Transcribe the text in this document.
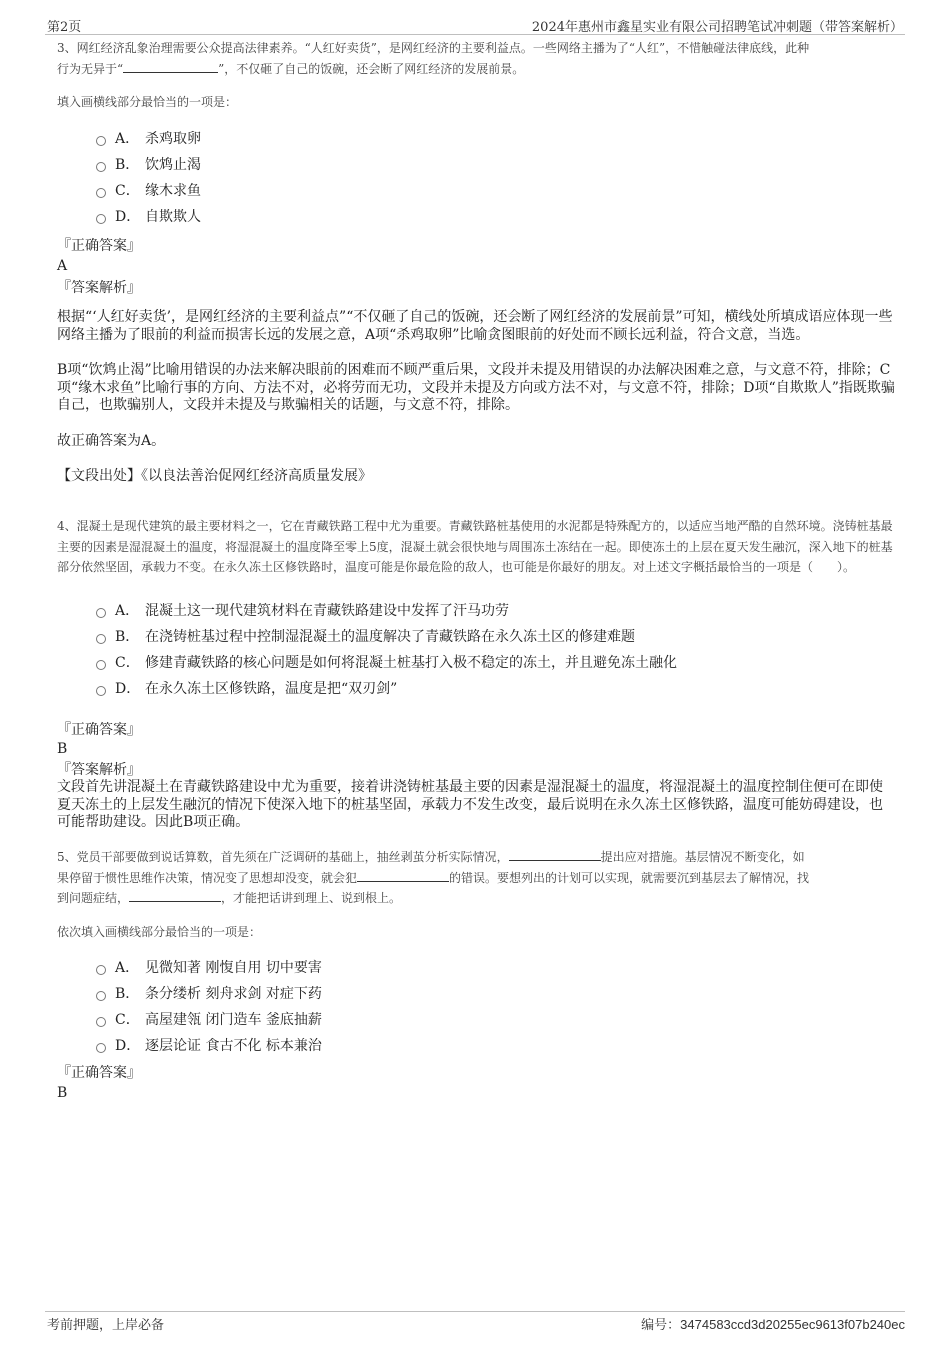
第2页	2024年惠州市鑫星实业有限公司招聘笔试冲刺题（带答案解析）

3、网红经济乱象治理需要公众提高法律素养。“人红好卖货”，是网红经济的主要利益点。一些网络主播为了“人红”，不惜触碰法律底线，此种
行为无异于“	”，不仅砸了自己的饭碗，还会断了网红经济的发展前景。

填入画横线部分最恰当的一项是：

A． 杀鸡取卵
B． 饮鸩止渴
C． 缘木求鱼
D． 自欺欺人

『正确答案』

A

『答案解析』

根据“‘人红好卖货’，是网红经济的主要利益点”“不仅砸了自己的饭碗，还会断了网红经济的发展前景”可知，横线处所填成语应体现一些网络主播为了眼前的利益而损害长远的发展之意，A项“杀鸡取卵”比喻贪图眼前的好处而不顾长远利益，符合文意，当选。

B项“饮鸩止渴”比喻用错误的办法来解决眼前的困难而不顾严重后果，文段并未提及用错误的办法解决困难之意，与文意不符，排除；C项“缘木求鱼”比喻行事的方向、方法不对，必将劳而无功，文段并未提及方向或方法不对，与文意不符，排除；D项“自欺欺人”指既欺骗自己，也欺骗别人，文段并未提及与欺骗相关的话题，与文意不符，排除。

故正确答案为A。

【文段出处】《以良法善治促网红经济高质量发展》

4、混凝土是现代建筑的最主要材料之一，它在青藏铁路工程中尤为重要。青藏铁路桩基使用的水泥都是特殊配方的，以适应当地严酷的自然环境。浇铸桩基最主要的因素是湿混凝土的温度，将湿混凝土的温度降至零上5度，混凝土就会很快地与周围冻土冻结在一起。即使冻土的上层在夏天发生融沉，深入地下的桩基部分依然坚固，承载力不变。在永久冻土区修铁路时，温度可能是你最危险的敌人，也可能是你最好的朋友。对上述文字概括最恰当的一项是（　　）。

A． 混凝土这一现代建筑材料在青藏铁路建设中发挥了汗马功劳
B． 在浇铸桩基过程中控制湿混凝土的温度解决了青藏铁路在永久冻土区的修建难题
C． 修建青藏铁路的核心问题是如何将混凝土桩基打入极不稳定的冻土，并且避免冻土融化
D． 在永久冻土区修铁路，温度是把“双刃剑”

『正确答案』

B

『答案解析』

文段首先讲混凝土在青藏铁路建设中尤为重要，接着讲浇铸桩基最主要的因素是湿混凝土的温度，将湿混凝土的温度控制住便可在即使夏天冻土的上层发生融沉的情况下使深入地下的桩基坚固，承载力不发生改变，最后说明在永久冻土区修铁路，温度可能妨碍建设，也可能帮助建设。因此B项正确。

5、党员干部要做到说话算数，首先须在广泛调研的基础上，抽丝剥茧分析实际情况，	提出应对措施。基层情况不断变化，如
果停留于惯性思维作决策，情况变了思想却没变，就会犯	的错误。要想列出的计划可以实现，就需要沉到基层去了解情况，找
到问题症结，	，才能把话讲到理上、说到根上。

依次填入画横线部分最恰当的一项是：

A． 见微知著 刚愎自用 切中要害
B． 条分缕析 刻舟求剑 对症下药
C． 高屋建瓴 闭门造车 釜底抽薪
D． 逐层论证 食古不化 标本兼治

『正确答案』

B

考前押题，上岸必备	编号：3474583ccd3d20255ec9613f07b240ec
